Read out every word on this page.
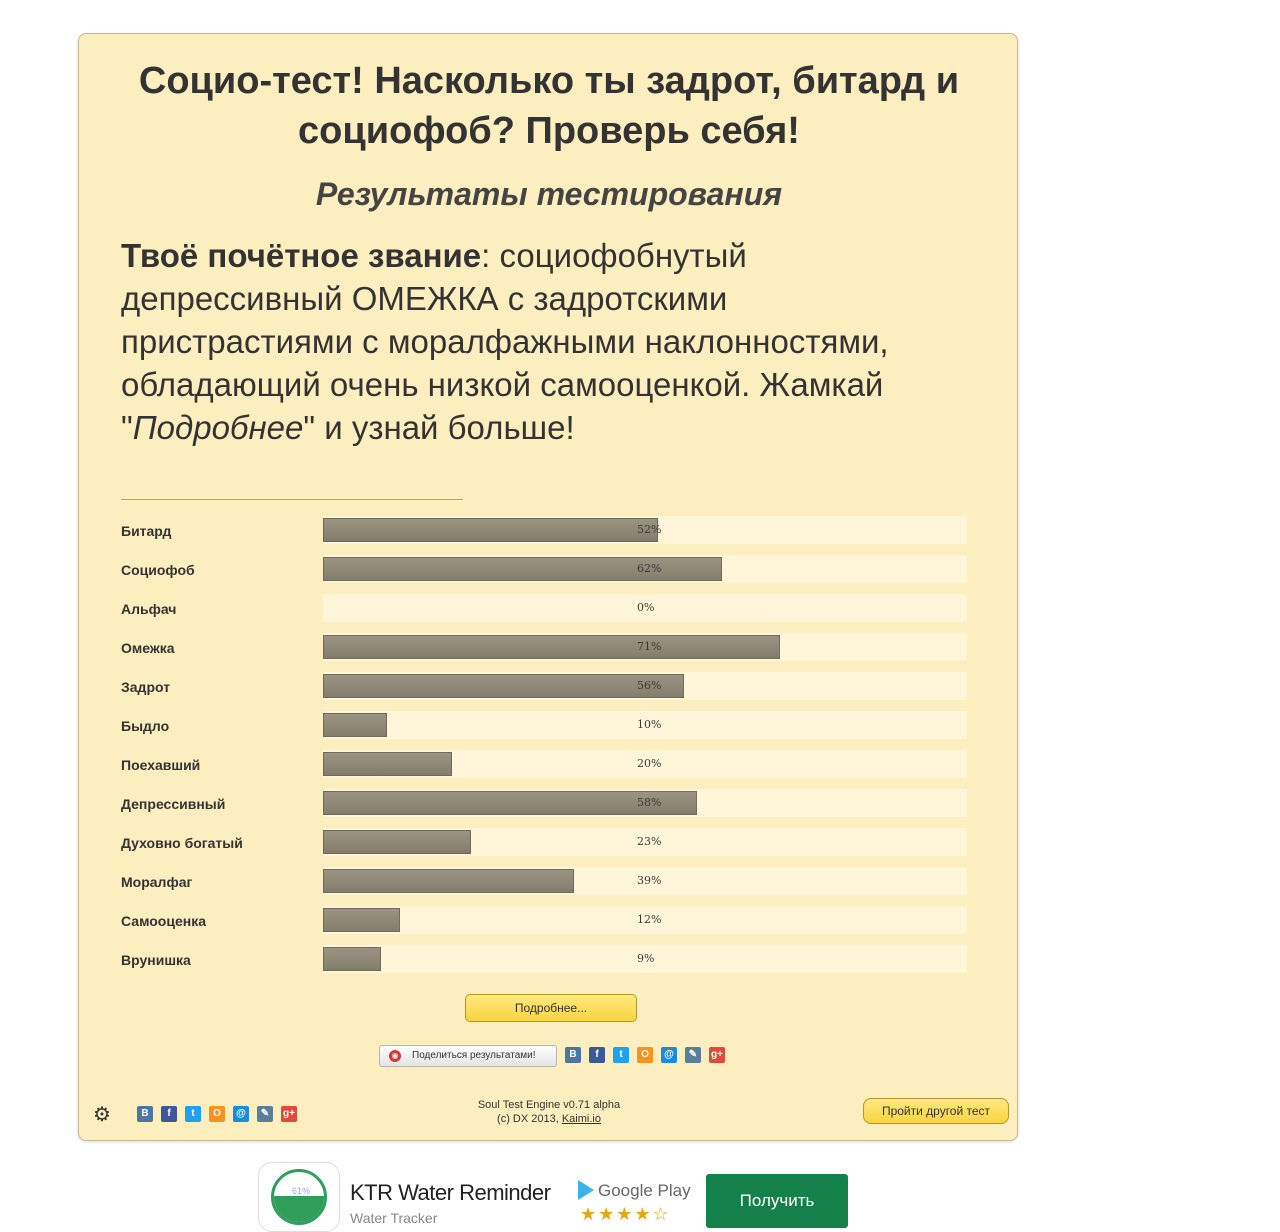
Социо-тест! Насколько ты задрот, битард и социофоб? Проверь себя!
Результаты тестирования

Твоё почётное звание: социофобнутый депрессивный ОМЕЖКА с задротскими пристрастиями с моралфажными наклонностями, обладающий очень низкой самооценкой. Жамкай "Подробнее" и узнай больше!

Битард	52%
Социофоб	62%
Альфач	0%
Омежка	71%
Задрот	56%
Быдло	10%
Поехавший	20%
Депрессивный	58%
Духовно богатый	23%
Моралфаг	39%
Самооценка	12%
Врунишка	9%
Подробнее...
◉ Поделиться результатами!	В	f	t	О	@	✎	g+
⚙	В	f	t	О	@	✎	g+
Soul Test Engine v0.71 alpha
(c) DX 2013, Kaimi.io
Пройти другой тест
61% KTR Water Reminder
Water Tracker
Google Play
★★★★☆
Получить
